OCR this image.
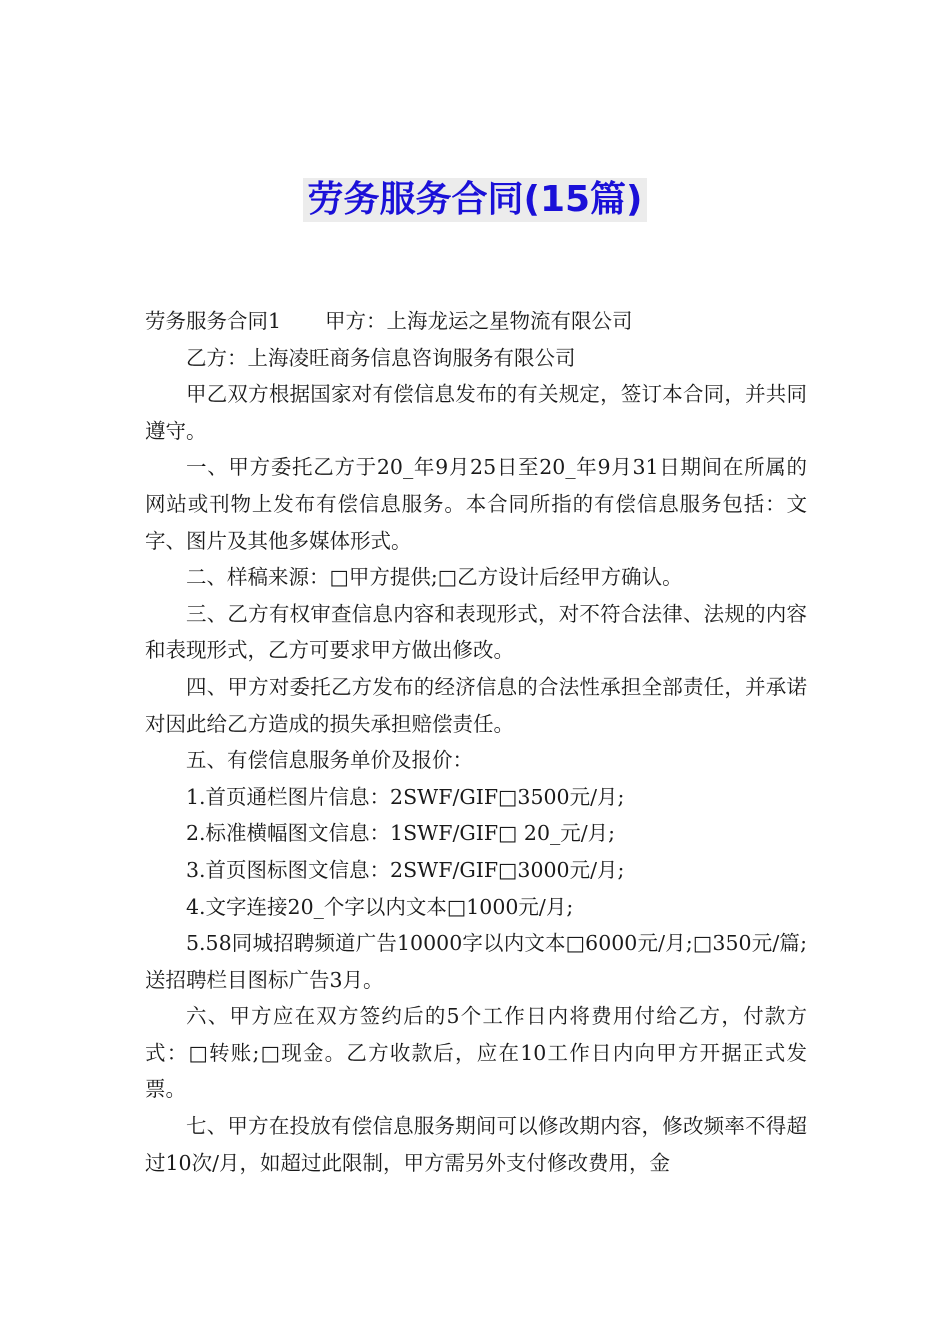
劳务服务合同(15篇)

劳务服务合同1 甲方：上海龙运之星物流有限公司

乙方：上海凌旺商务信息咨询服务有限公司

甲乙双方根据国家对有偿信息发布的有关规定，签订本合同，并共同遵守。

一、甲方委托乙方于20_年9月25日至20_年9月31日期间在所属的网站或刊物上发布有偿信息服务。本合同所指的有偿信息服务包括：文字、图片及其他多媒体形式。

二、样稿来源：□甲方提供;□乙方设计后经甲方确认。

三、乙方有权审查信息内容和表现形式，对不符合法律、法规的内容和表现形式，乙方可要求甲方做出修改。

四、甲方对委托乙方发布的经济信息的合法性承担全部责任，并承诺对因此给乙方造成的损失承担赔偿责任。

五、有偿信息服务单价及报价：

1.首页通栏图片信息：2SWF/GIF□3500元/月;

2.标准横幅图文信息：1SWF/GIF□ 20_元/月;

3.首页图标图文信息：2SWF/GIF□3000元/月;

4.文字连接20_个字以内文本□1000元/月;

5.58同城招聘频道广告10000字以内文本□6000元/月;□350元/篇;送招聘栏目图标广告3月。

六、甲方应在双方签约后的5个工作日内将费用付给乙方，付款方式：□转账;□现金。乙方收款后，应在10工作日内向甲方开据正式发票。

七、甲方在投放有偿信息服务期间可以修改期内容，修改频率不得超过10次/月，如超过此限制，甲方需另外支付修改费用，金
